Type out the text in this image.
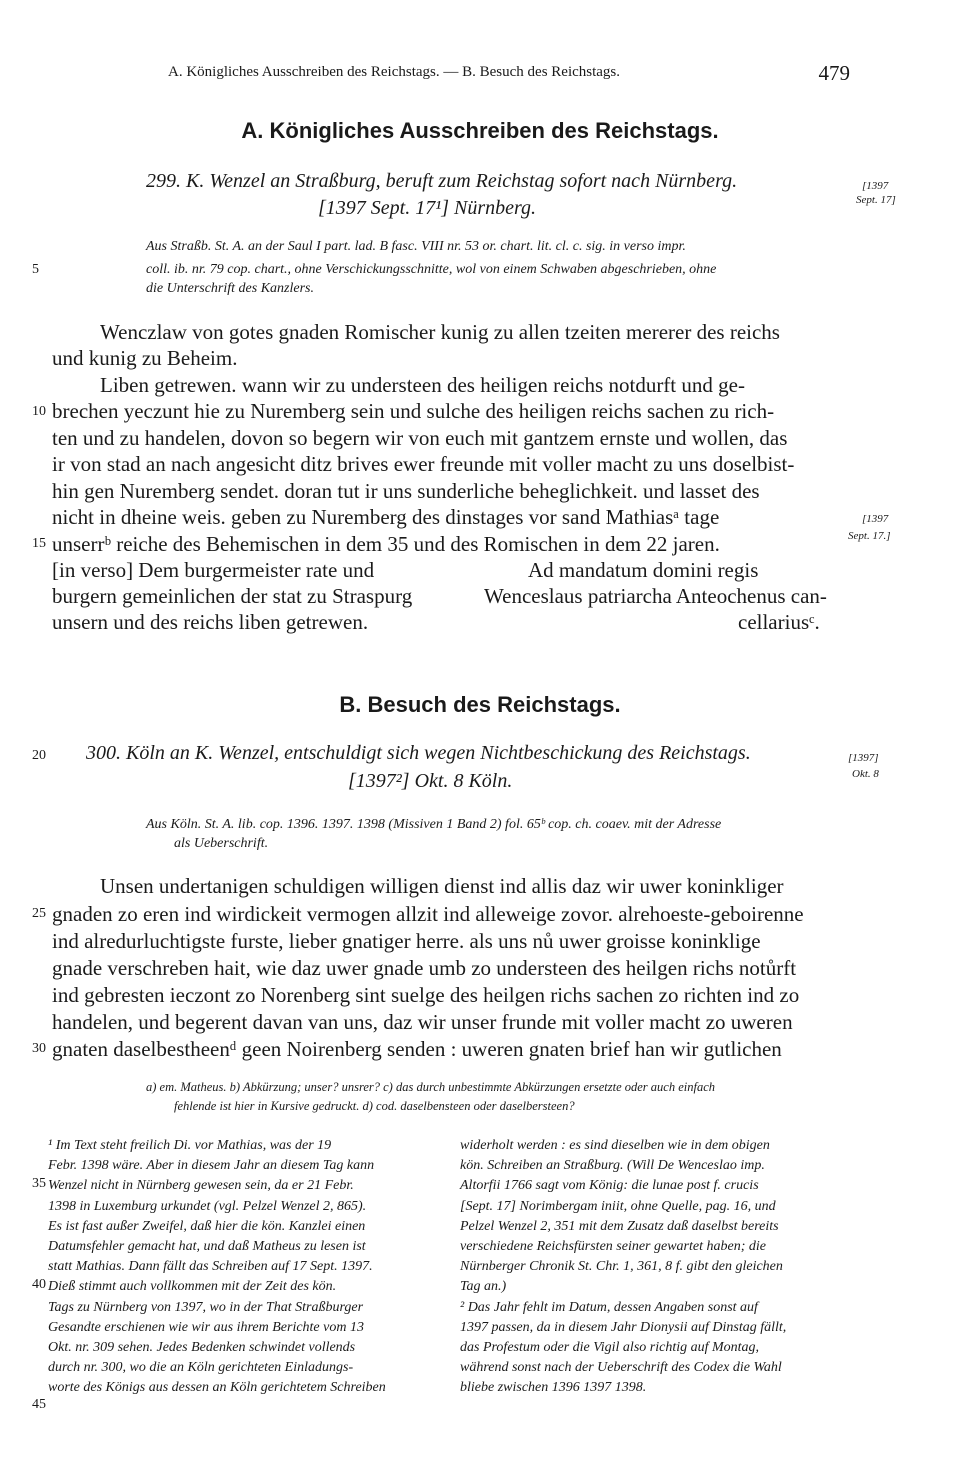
A. Königliches Ausschreiben des Reichstags. — B. Besuch des Reichstags.	479
A. Königliches Ausschreiben des Reichstags.
299. K. Wenzel an Straßburg, beruft zum Reichstag sofort nach Nürnberg.
[1397 Sept. 17¹] Nürnberg.
[1397
Sept. 17]
Aus Straßb. St. A. an der Saul I part. lad. B fasc. VIII nr. 53 or. chart. lit. cl. c. sig. in verso impr.
5	coll. ib. nr. 79 cop. chart., ohne Verschickungsschnitte, wol von einem Schwaben abgeschrieben, ohne
die Unterschrift des Kanzlers.
Wenczlaw von gotes gnaden Romischer kunig zu allen tzeiten mererer des reichs
und kunig zu Beheim.
Liben getrewen. wann wir zu understeen des heiligen reichs notdurft und ge-
10 brechen yeczunt hie zu Nuremberg sein und sulche des heiligen reichs sachen zu rich-
ten und zu handelen, dovon so begern wir von euch mit gantzem ernste und wollen, das
ir von stad an nach angesicht ditz brives ewer freunde mit voller macht zu uns doselbist-
hin gen Nuremberg sendet. doran tut ir uns sunderliche beheglichkeit. und lasset des
nicht in dheine weis. geben zu Nuremberg des dinstages vor sand Mathiasᵃ tage	[1397
15 unserrᵇ reiche des Behemischen in dem 35 und des Romischen in dem 22 jaren.	Sept. 17.]
[in verso] Dem burgermeister rate und
burgern gemeinlichen der stat zu Straspurg
unsern und des reichs liben getrewen.
Ad mandatum domini regis
Wenceslaus patriarcha Anteochenus can-
cellariusᶜ.
B. Besuch des Reichstags.
20 300. Köln an K. Wenzel, entschuldigt sich wegen Nichtbeschickung des Reichstags.
[1397²] Okt. 8 Köln.
[1397]
Okt. 8
Aus Köln. St. A. lib. cop. 1396. 1397. 1398 (Missiven 1 Band 2) fol. 65ᵇ cop. ch. coaev. mit der Adresse
als Ueberschrift.
Unsen undertanigen schuldigen willigen dienst ind allis daz wir uwer koninkliger
25 gnaden zo eren ind wirdickeit vermogen allzit ind alleweige zovor. alrehoeste-geboirenne
ind alredurluchtigste furste, lieber gnatiger herre. als uns nů uwer groisse koninklige
gnade verschreben hait, wie daz uwer gnade umb zo understeen des heilgen richs notůrft
ind gebresten ieczont zo Norenberg sint suelge des heilgen richs sachen zo richten ind zo
handelen, und begerent davan van uns, daz wir unser frunde mit voller macht zo uweren
30 gnaten daselbestheenᵈ geen Noirenberg senden : uweren gnaten brief han wir gutlichen
a) em. Matheus. b) Abkürzung; unser? unsrer? c) das durch unbestimmte Abkürzungen ersetzte oder auch einfach
fehlende ist hier in Kursive gedruckt. d) cod. daselbensteen oder daselbersteen?
¹ Im Text steht freilich Di. vor Mathias, was der 19
Febr. 1398 wäre. Aber in diesem Jahr an diesem Tag kann
Wenzel nicht in Nürnberg gewesen sein, da er 21 Febr.
1398 in Luxemburg urkundet (vgl. Pelzel Wenzel 2, 865).
Es ist fast außer Zweifel, daß hier die kön. Kanzlei einen
Datumsfehler gemacht hat, und daß Matheus zu lesen ist
statt Mathias. Dann fällt das Schreiben auf 17 Sept. 1397.
Dieß stimmt auch vollkommen mit der Zeit des kön.
Tags zu Nürnberg von 1397, wo in der That Straßburger
Gesandte erschienen wie wir aus ihrem Berichte vom 13
Okt. nr. 309 sehen. Jedes Bedenken schwindet vollends
durch nr. 300, wo die an Köln gerichteten Einladungs-
worte des Königs aus dessen an Köln gerichtetem Schreiben
35
40
45
widerholt werden : es sind dieselben wie in dem obigen
kön. Schreiben an Straßburg. (Will De Wenceslao imp.
Altorfii 1766 sagt vom König: die lunae post f. crucis
[Sept. 17] Norimbergam iniit, ohne Quelle, pag. 16, und
Pelzel Wenzel 2, 351 mit dem Zusatz daß daselbst bereits
verschiedene Reichsfürsten seiner gewartet haben; die
Nürnberger Chronik St. Chr. 1, 361, 8 f. gibt den gleichen
Tag an.)
² Das Jahr fehlt im Datum, dessen Angaben sonst auf
1397 passen, da in diesem Jahr Dionysii auf Dinstag fällt,
das Profestum oder die Vigil also richtig auf Montag,
während sonst nach der Ueberschrift des Codex die Wahl
bliebe zwischen 1396 1397 1398.
